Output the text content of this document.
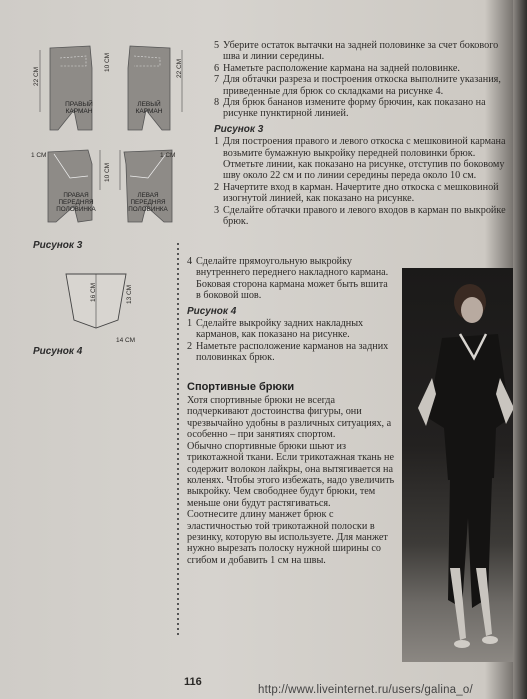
ПРАВЫЙ
КАРМАН
ЛЕВЫЙ
КАРМАН
ПРАВАЯ
ПЕРЕДНЯЯ
ПОЛОВИНКА
ЛЕВАЯ
ПЕРЕДНЯЯ
ПОЛОВИНКА
22 СМ
10 СМ	22 СМ
1 СМ	1 СМ
10 СМ
Рисунок 3
16 СМ	13 СМ
14 СМ
Рисунок 4
5 Уберите остаток вытачки на задней половинке за счет бокового шва и линии середины.
6 Наметьте расположение кармана на задней половинке.
7 Для обтачки разреза и построения откоска выполните указания, приведенные для брюк со складками на рисунке 4.
8 Для брюк бананов измените форму брючин, как показано на рисунке пунктирной линией.
Рисунок 3
1 Для построения правого и левого откоска с мешковиной кармана возьмите бумажную выкройку передней половинки брюк. Отметьте линии, как показано на рисунке, отступив по боковому шву около 22 см и по линии середины переда около 10 см.
2 Начертите вход в карман. Начертите дно откоска с мешковиной изогнутой линией, как показано на рисунке.
3 Сделайте обтачки правого и левого входов в карман по выкройке брюк.
4 Сделайте прямоугольную выкройку внутреннего переднего накладного кармана. Боковая сторона кармана может быть вшита в боковой шов.
Рисунок 4
1 Сделайте выкройку задних накладных карманов, как показано на рисунке.
2 Наметьте расположение карманов на задних половинках брюк.
Спортивные брюки

Хотя спортивные брюки не всегда подчеркивают достоинства фигуры, они чрезвычайно удобны в различных ситуациях, а особенно – при занятиях спортом.

Обычно спортивные брюки шьют из трикотажной ткани. Если трикотажная ткань не содержит волокон лайкры, она вытягивается на коленях. Чтобы этого избежать, надо увеличить выкройку. Чем свободнее будут брюки, тем меньше они будут растягиваться.

Соотнесите длину манжет брюк с эластичностью той трикотажной полоски в резинку, которую вы используете. Для манжет нужно вырезать полоску нужной ширины со сгибом и добавить 1 см на швы.

116
http://www.liveinternet.ru/users/galina_o/
